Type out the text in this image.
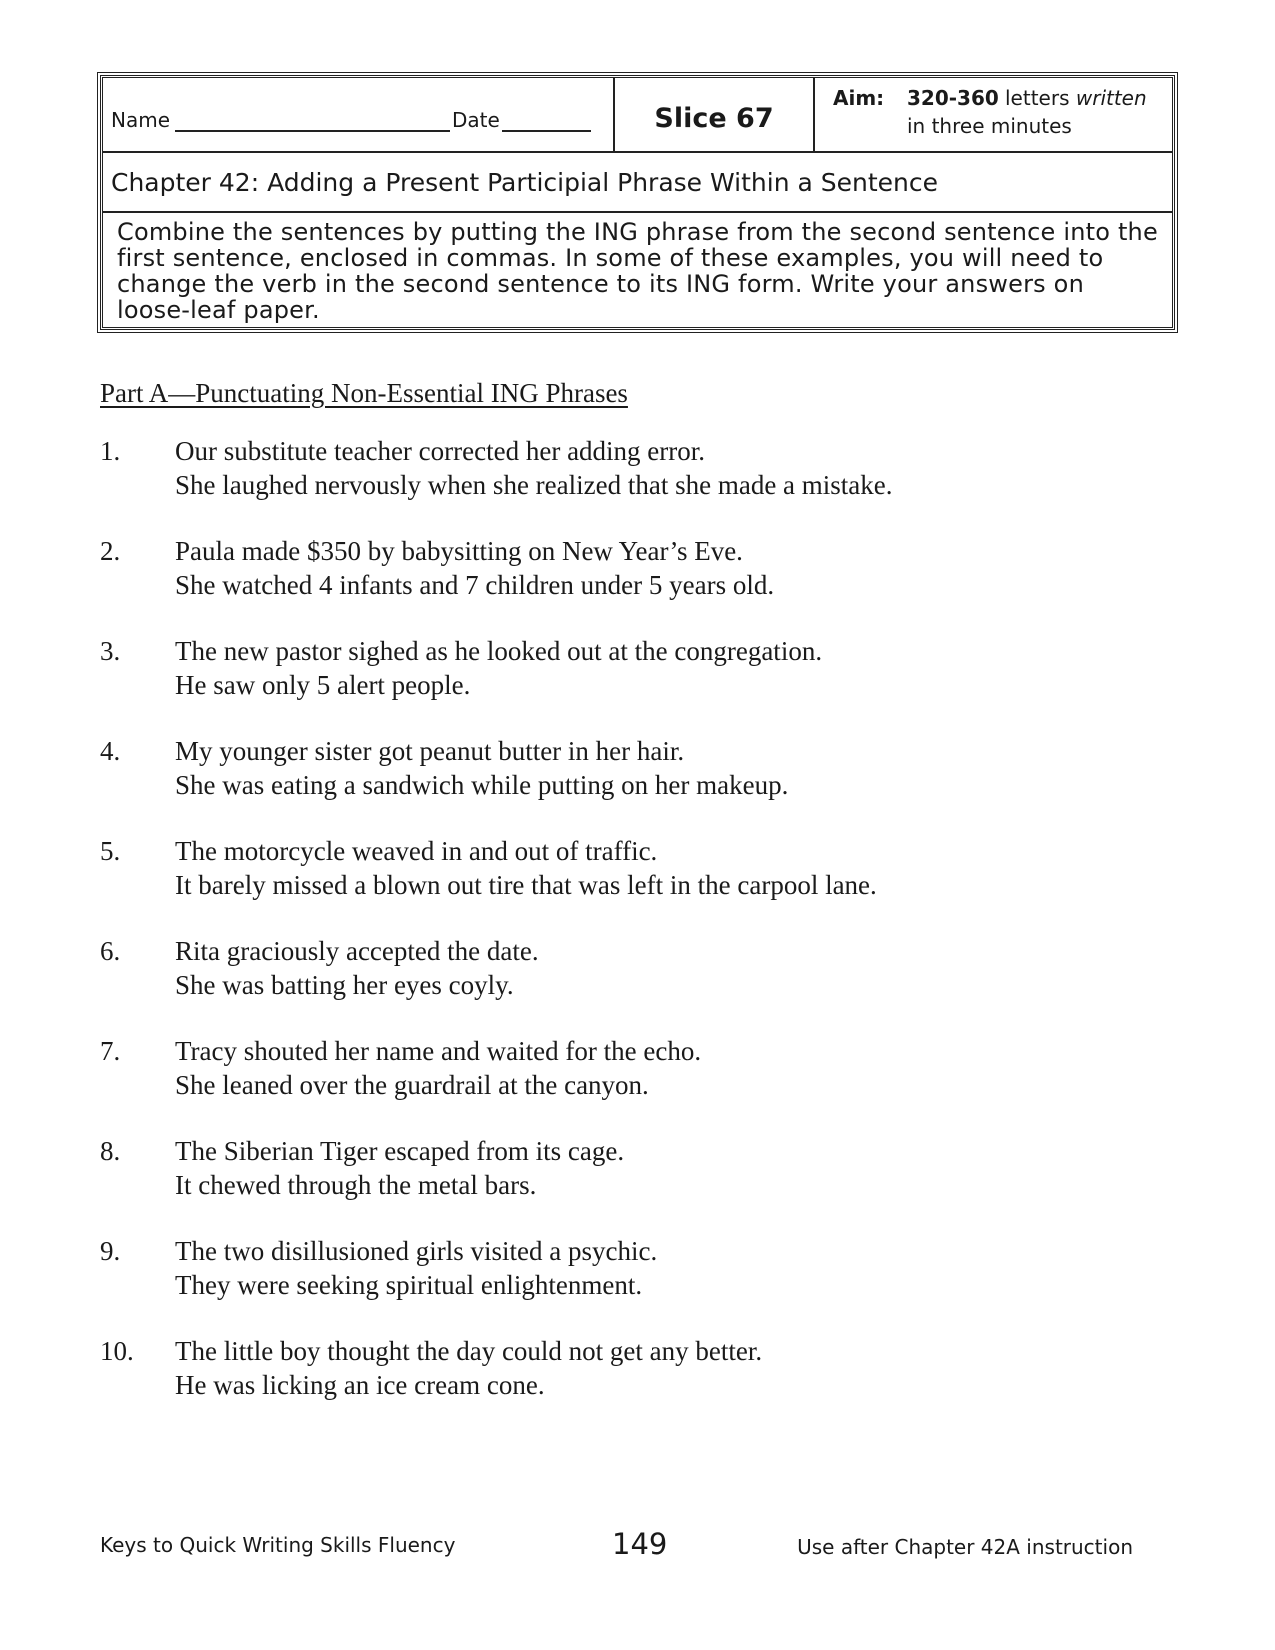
Name	Date	Slice 67
Aim: 320-360 letters written
in three minutes
Chapter 42: Adding a Present Participial Phrase Within a Sentence
Combine the sentences by putting the ING phrase from the second sentence into the first sentence, enclosed in commas. In some of these examples, you will need to change the verb in the second sentence to its ING form. Write your answers on loose-leaf paper.
Part A—Punctuating Non-Essential ING Phrases
1.	Our substitute teacher corrected her adding error.
She laughed nervously when she realized that she made a mistake.
2.	Paula made $350 by babysitting on New Year’s Eve.
She watched 4 infants and 7 children under 5 years old.
3.	The new pastor sighed as he looked out at the congregation.
He saw only 5 alert people.
4.	My younger sister got peanut butter in her hair.
She was eating a sandwich while putting on her makeup.
5.	The motorcycle weaved in and out of traffic.
It barely missed a blown out tire that was left in the carpool lane.
6.	Rita graciously accepted the date.
She was batting her eyes coyly.
7.	Tracy shouted her name and waited for the echo.
She leaned over the guardrail at the canyon.
8.	The Siberian Tiger escaped from its cage.
It chewed through the metal bars.
9.	The two disillusioned girls visited a psychic.
They were seeking spiritual enlightenment.
10.	The little boy thought the day could not get any better.
He was licking an ice cream cone.
Keys to Quick Writing Skills Fluency	149	Use after Chapter 42A instruction
